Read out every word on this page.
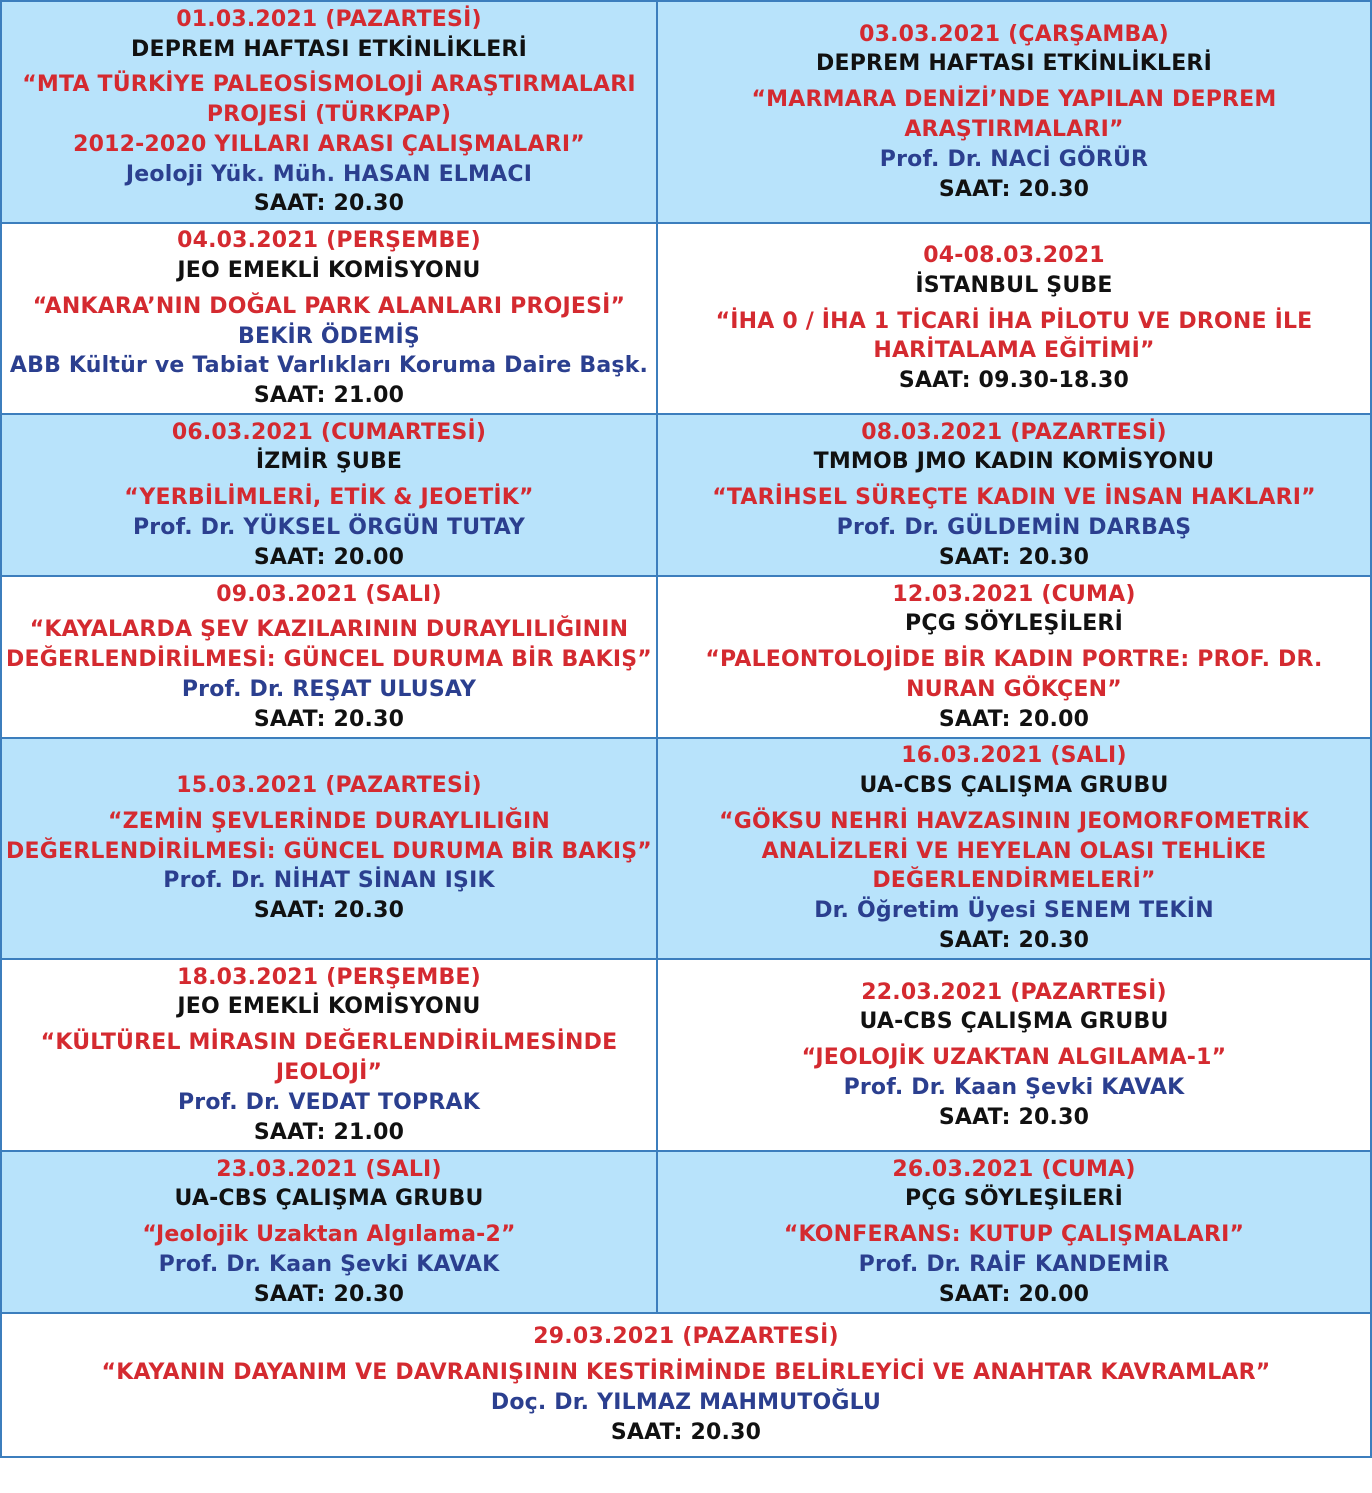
01.03.2021 (PAZARTESİ)
DEPREM HAFTASI ETKİNLİKLERİ
“MTA TÜRKİYE PALEOSİSMOLOJİ ARAŞTIRMALARI
PROJESİ (TÜRKPAP)
2012-2020 YILLARI ARASI ÇALIŞMALARI”
Jeoloji Yük. Müh. HASAN ELMACI
SAAT: 20.30
03.03.2021 (ÇARŞAMBA)
DEPREM HAFTASI ETKİNLİKLERİ
“MARMARA DENİZİ’NDE YAPILAN DEPREM
ARAŞTIRMALARI”
Prof. Dr. NACİ GÖRÜR
SAAT: 20.30
04.03.2021 (PERŞEMBE)
JEO EMEKLİ KOMİSYONU
“ANKARA’NIN DOĞAL PARK ALANLARI PROJESİ”
BEKİR ÖDEMİŞ
ABB Kültür ve Tabiat Varlıkları Koruma Daire Başk.
SAAT: 21.00
04-08.03.2021
İSTANBUL ŞUBE
“İHA 0 / İHA 1 TİCARİ İHA PİLOTU VE DRONE İLE
HARİTALAMA EĞİTİMİ”
SAAT: 09.30-18.30
06.03.2021 (CUMARTESİ)
İZMİR ŞUBE
“YERBİLİMLERİ, ETİK & JEOETİK”
Prof. Dr. YÜKSEL ÖRGÜN TUTAY
SAAT: 20.00
08.03.2021 (PAZARTESİ)
TMMOB JMO KADIN KOMİSYONU
“TARİHSEL SÜREÇTE KADIN VE İNSAN HAKLARI”
Prof. Dr. GÜLDEMİN DARBAŞ
SAAT: 20.30
09.03.2021 (SALI)
“KAYALARDA ŞEV KAZILARININ DURAYLILIĞININ
DEĞERLENDİRİLMESİ: GÜNCEL DURUMA BİR BAKIŞ”
Prof. Dr. REŞAT ULUSAY
SAAT: 20.30
12.03.2021 (CUMA)
PÇG SÖYLEŞİLERİ
“PALEONTOLOJİDE BİR KADIN PORTRE: PROF. DR.
NURAN GÖKÇEN”
SAAT: 20.00
15.03.2021 (PAZARTESİ)
“ZEMİN ŞEVLERİNDE DURAYLILIĞIN
DEĞERLENDİRİLMESİ: GÜNCEL DURUMA BİR BAKIŞ”
Prof. Dr. NİHAT SİNAN IŞIK
SAAT: 20.30
16.03.2021 (SALI)
UA-CBS ÇALIŞMA GRUBU
“GÖKSU NEHRİ HAVZASININ JEOMORFOMETRİK
ANALİZLERİ VE HEYELAN OLASI TEHLİKE
DEĞERLENDİRMELERİ”
Dr. Öğretim Üyesi SENEM TEKİN
SAAT: 20.30
18.03.2021 (PERŞEMBE)
JEO EMEKLİ KOMİSYONU
“KÜLTÜREL MİRASIN DEĞERLENDİRİLMESİNDE
JEOLOJİ”
Prof. Dr. VEDAT TOPRAK
SAAT: 21.00
22.03.2021 (PAZARTESİ)
UA-CBS ÇALIŞMA GRUBU
“JEOLOJİK UZAKTAN ALGILAMA-1”
Prof. Dr. Kaan Şevki KAVAK
SAAT: 20.30
23.03.2021 (SALI)
UA-CBS ÇALIŞMA GRUBU
“Jeolojik Uzaktan Algılama-2”
Prof. Dr. Kaan Şevki KAVAK
SAAT: 20.30
26.03.2021 (CUMA)
PÇG SÖYLEŞİLERİ
“KONFERANS: KUTUP ÇALIŞMALARI”
Prof. Dr. RAİF KANDEMİR
SAAT: 20.00
29.03.2021 (PAZARTESİ)
“KAYANIN DAYANIM VE DAVRANIŞININ KESTİRİMİNDE BELİRLEYİCİ VE ANAHTAR KAVRAMLAR”
Doç. Dr. YILMAZ MAHMUTOĞLU
SAAT: 20.30
